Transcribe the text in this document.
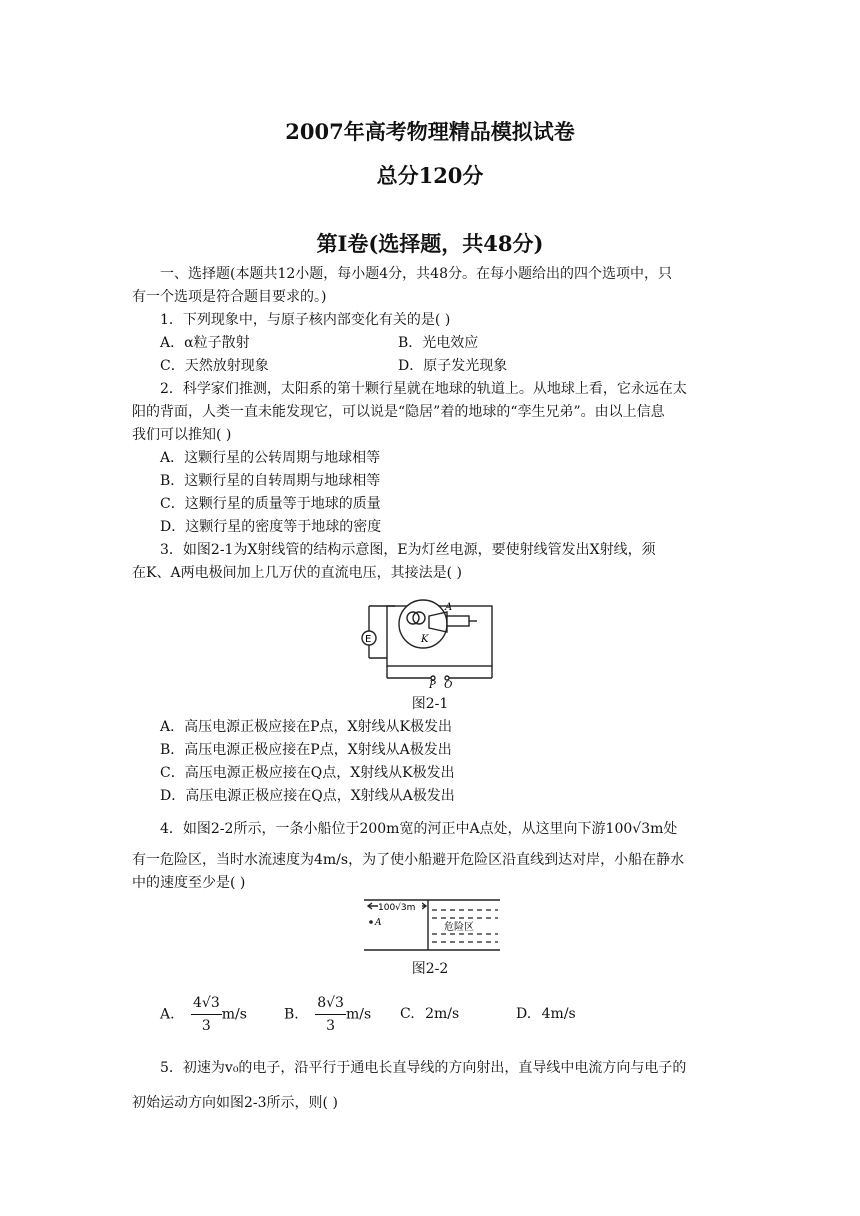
2007年高考物理精品模拟试卷
总分120分
第Ⅰ卷(选择题，共48分)
一、选择题(本题共12小题，每小题4分，共48分。在每小题给出的四个选项中，只
有一个选项是符合题目要求的。)
1．下列现象中，与原子核内部变化有关的是( )
A．α粒子散射	B．光电效应
C．天然放射现象	D．原子发光现象
2．科学家们推测，太阳系的第十颗行星就在地球的轨道上。从地球上看，它永远在太
阳的背面，人类一直未能发现它，可以说是“隐居”着的地球的“孪生兄弟”。由以上信息
我们可以推知( )
A．这颗行星的公转周期与地球相等
B．这颗行星的自转周期与地球相等
C．这颗行星的质量等于地球的质量
D．这颗行星的密度等于地球的密度
3．如图2-1为X射线管的结构示意图，E为灯丝电源，要使射线管发出X射线，须
在K、A两电极间加上几万伏的直流电压，其接法是( )
E
A
K
P Q
图2-1
A．高压电源正极应接在P点，X射线从K极发出
B．高压电源正极应接在P点，X射线从A极发出
C．高压电源正极应接在Q点，X射线从K极发出
D．高压电源正极应接在Q点，X射线从A极发出
4．如图2-2所示，一条小船位于200m宽的河正中A点处，从这里向下游100√3m处
有一危险区，当时水流速度为4m/s，为了使小船避开危险区沿直线到达对岸，小船在静水
中的速度至少是( )
100√3m
A	危险区
图2-2
A. $\frac{4√3}{3} m/s$	B. $\frac{8√3}{3} m/s$ C. 2m/s	D. 4m/s
5．初速为v₀的电子，沿平行于通电长直导线的方向射出，直导线中电流方向与电子的
初始运动方向如图2-3所示，则( )
